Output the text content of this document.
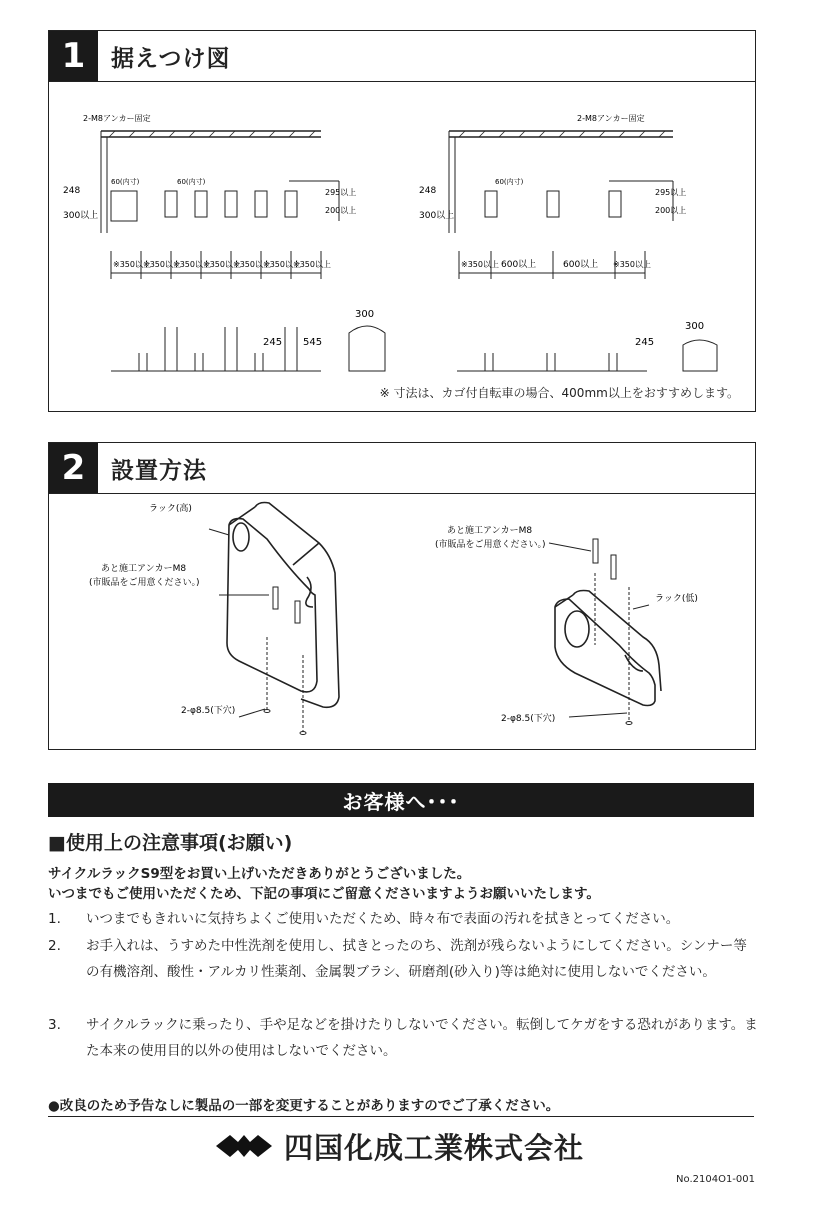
1	据えつけ図
2-M8アンカー固定
248
300以上
60(内寸)	60(内寸)
295以上
200以上
※350以上
※350以上
※350以上
※350以上
※350以上
※350以上
※350以上
245 545
300
2-M8アンカー固定
248
300以上
60(内寸)
295以上
200以上
※350以上 600以上	600以上 ※350以上
245
300
※ 寸法は、カゴ付自転車の場合、400mm以上をおすすめします。
2	設置方法
ラック(高)
あと施工アンカーM8
(市販品をご用意ください。)
2-φ8.5(下穴)
あと施工アンカーM8
(市販品をご用意ください。)
ラック(低)
2-φ8.5(下穴)
お客様へ･･･
■使用上の注意事項(お願い)
サイクルラックS9型をお買い上げいただきありがとうございました。
いつまでもご使用いただくため、下記の事項にご留意くださいますようお願いいたします。
1. いつまでもきれいに気持ちよくご使用いただくため、時々布で表面の汚れを拭きとってください。
2. お手入れは、うすめた中性洗剤を使用し、拭きとったのち、洗剤が残らないようにしてください。シンナー等の有機溶剤、酸性・アルカリ性薬剤、金属製ブラシ、研磨剤(砂入り)等は絶対に使用しないでください。
3. サイクルラックに乗ったり、手や足などを掛けたりしないでください。転倒してケガをする恐れがあります。また本来の使用目的以外の使用はしないでください。
●改良のため予告なしに製品の一部を変更することがありますのでご了承ください。
四国化成工業株式会社
No.2104O1-001
